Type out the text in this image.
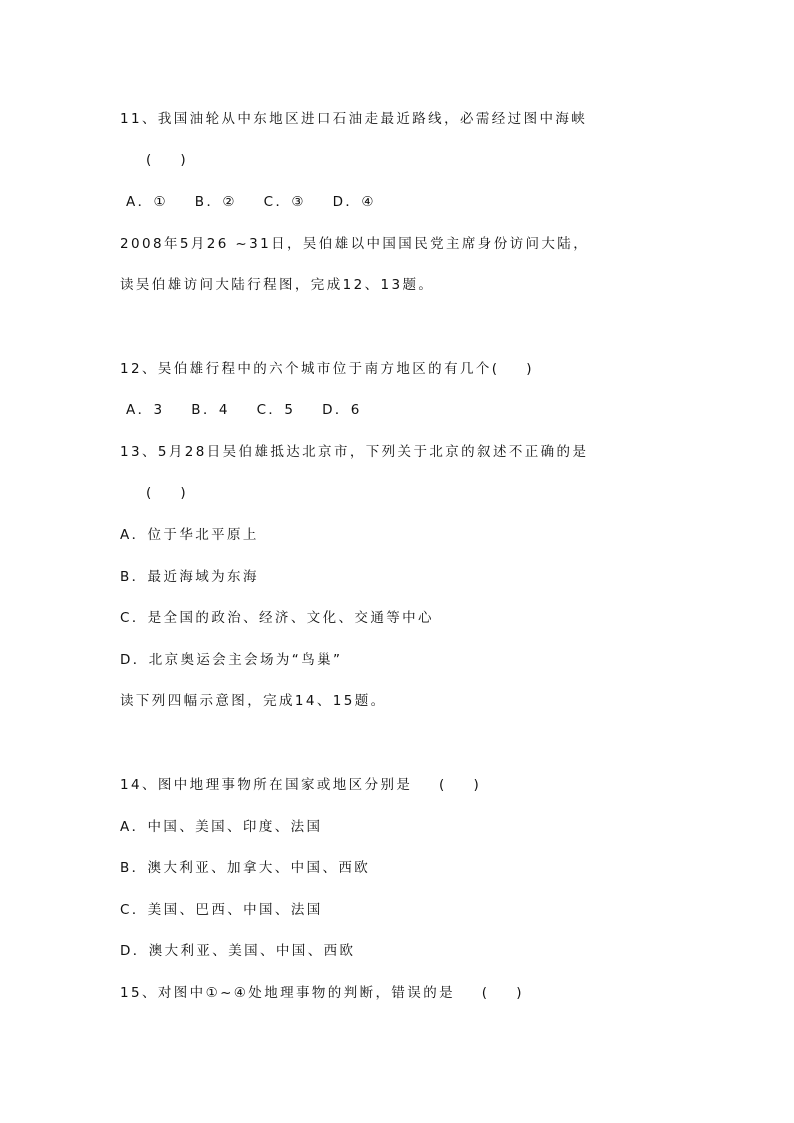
11、我国油轮从中东地区进口石油走最近路线，必需经过图中海峡
(    )
A．①    B．②    C．③    D．④
2008年5月26 ~31日，吴伯雄以中国国民党主席身份访问大陆，
读吴伯雄访问大陆行程图，完成12、13题。
12、吴伯雄行程中的六个城市位于南方地区的有几个(    )
A．3    B．4    C．5    D．6
13、5月28日吴伯雄抵达北京市，下列关于北京的叙述不正确的是
(    )
A．位于华北平原上
B．最近海域为东海
C．是全国的政治、经济、文化、交通等中心
D．北京奥运会主会场为“鸟巢”
读下列四幅示意图，完成14、15题。
14、图中地理事物所在国家或地区分别是    (    )
A．中国、美国、印度、法国
B．澳大利亚、加拿大、中国、西欧
C．美国、巴西、中国、法国
D．澳大利亚、美国、中国、西欧
15、对图中①~④处地理事物的判断，错误的是    (    )
